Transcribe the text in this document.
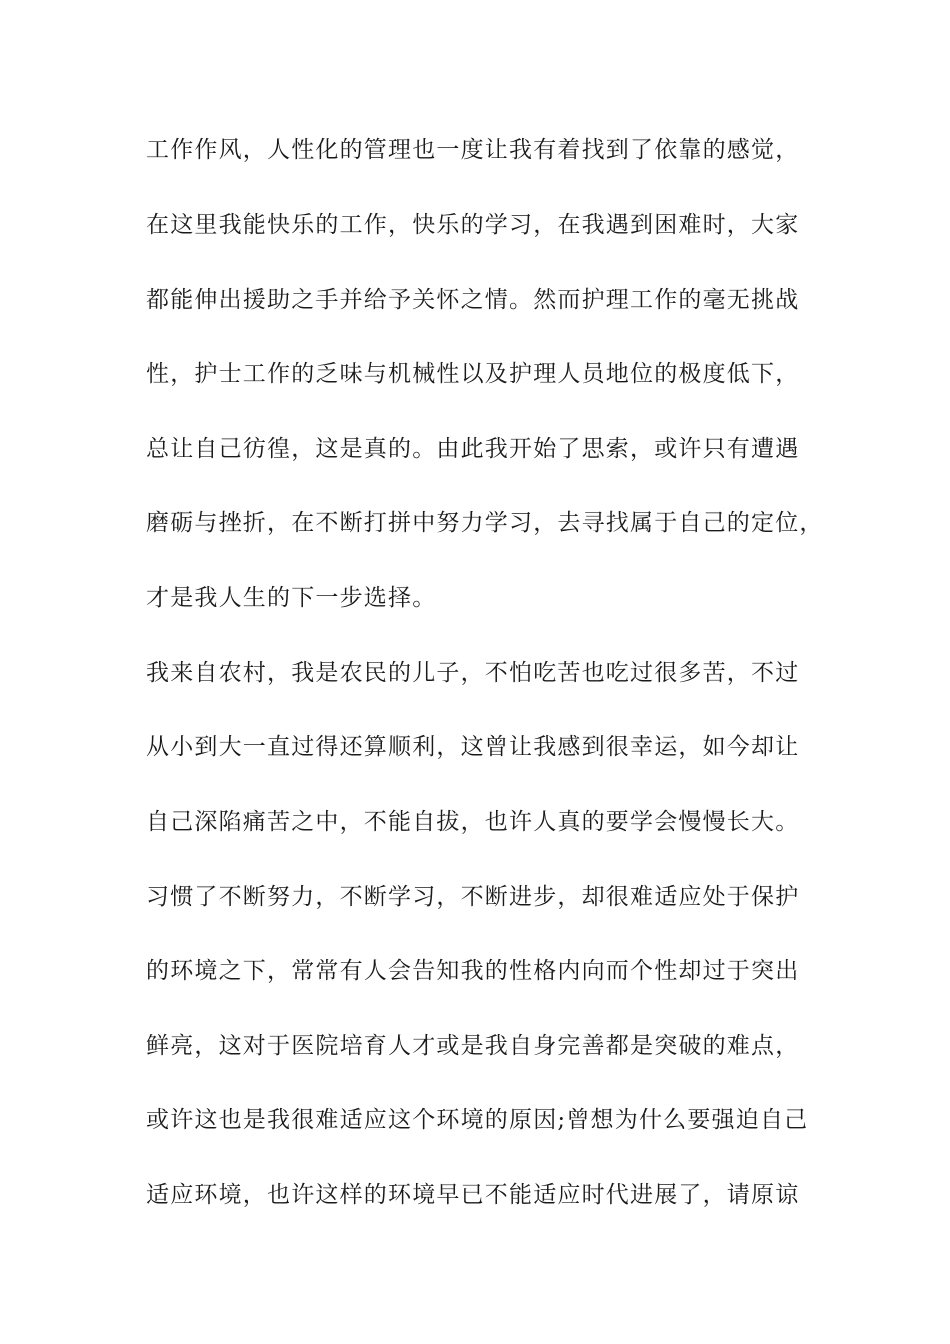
工作作风，人性化的管理也一度让我有着找到了依靠的感觉，
在这里我能快乐的工作，快乐的学习，在我遇到困难时，大家
都能伸出援助之手并给予关怀之情。然而护理工作的毫无挑战
性，护士工作的乏味与机械性以及护理人员地位的极度低下，
总让自己彷徨，这是真的。由此我开始了思索，或许只有遭遇
磨砺与挫折，在不断打拼中努力学习，去寻找属于自己的定位，
才是我人生的下一步选择。
我来自农村，我是农民的儿子，不怕吃苦也吃过很多苦，不过
从小到大一直过得还算顺利，这曾让我感到很幸运，如今却让
自己深陷痛苦之中，不能自拔，也许人真的要学会慢慢长大。
习惯了不断努力，不断学习，不断进步，却很难适应处于保护
的环境之下，常常有人会告知我的性格内向而个性却过于突出
鲜亮，这对于医院培育人才或是我自身完善都是突破的难点，
或许这也是我很难适应这个环境的原因;曾想为什么要强迫自己
适应环境，也许这样的环境早已不能适应时代进展了，请原谅
